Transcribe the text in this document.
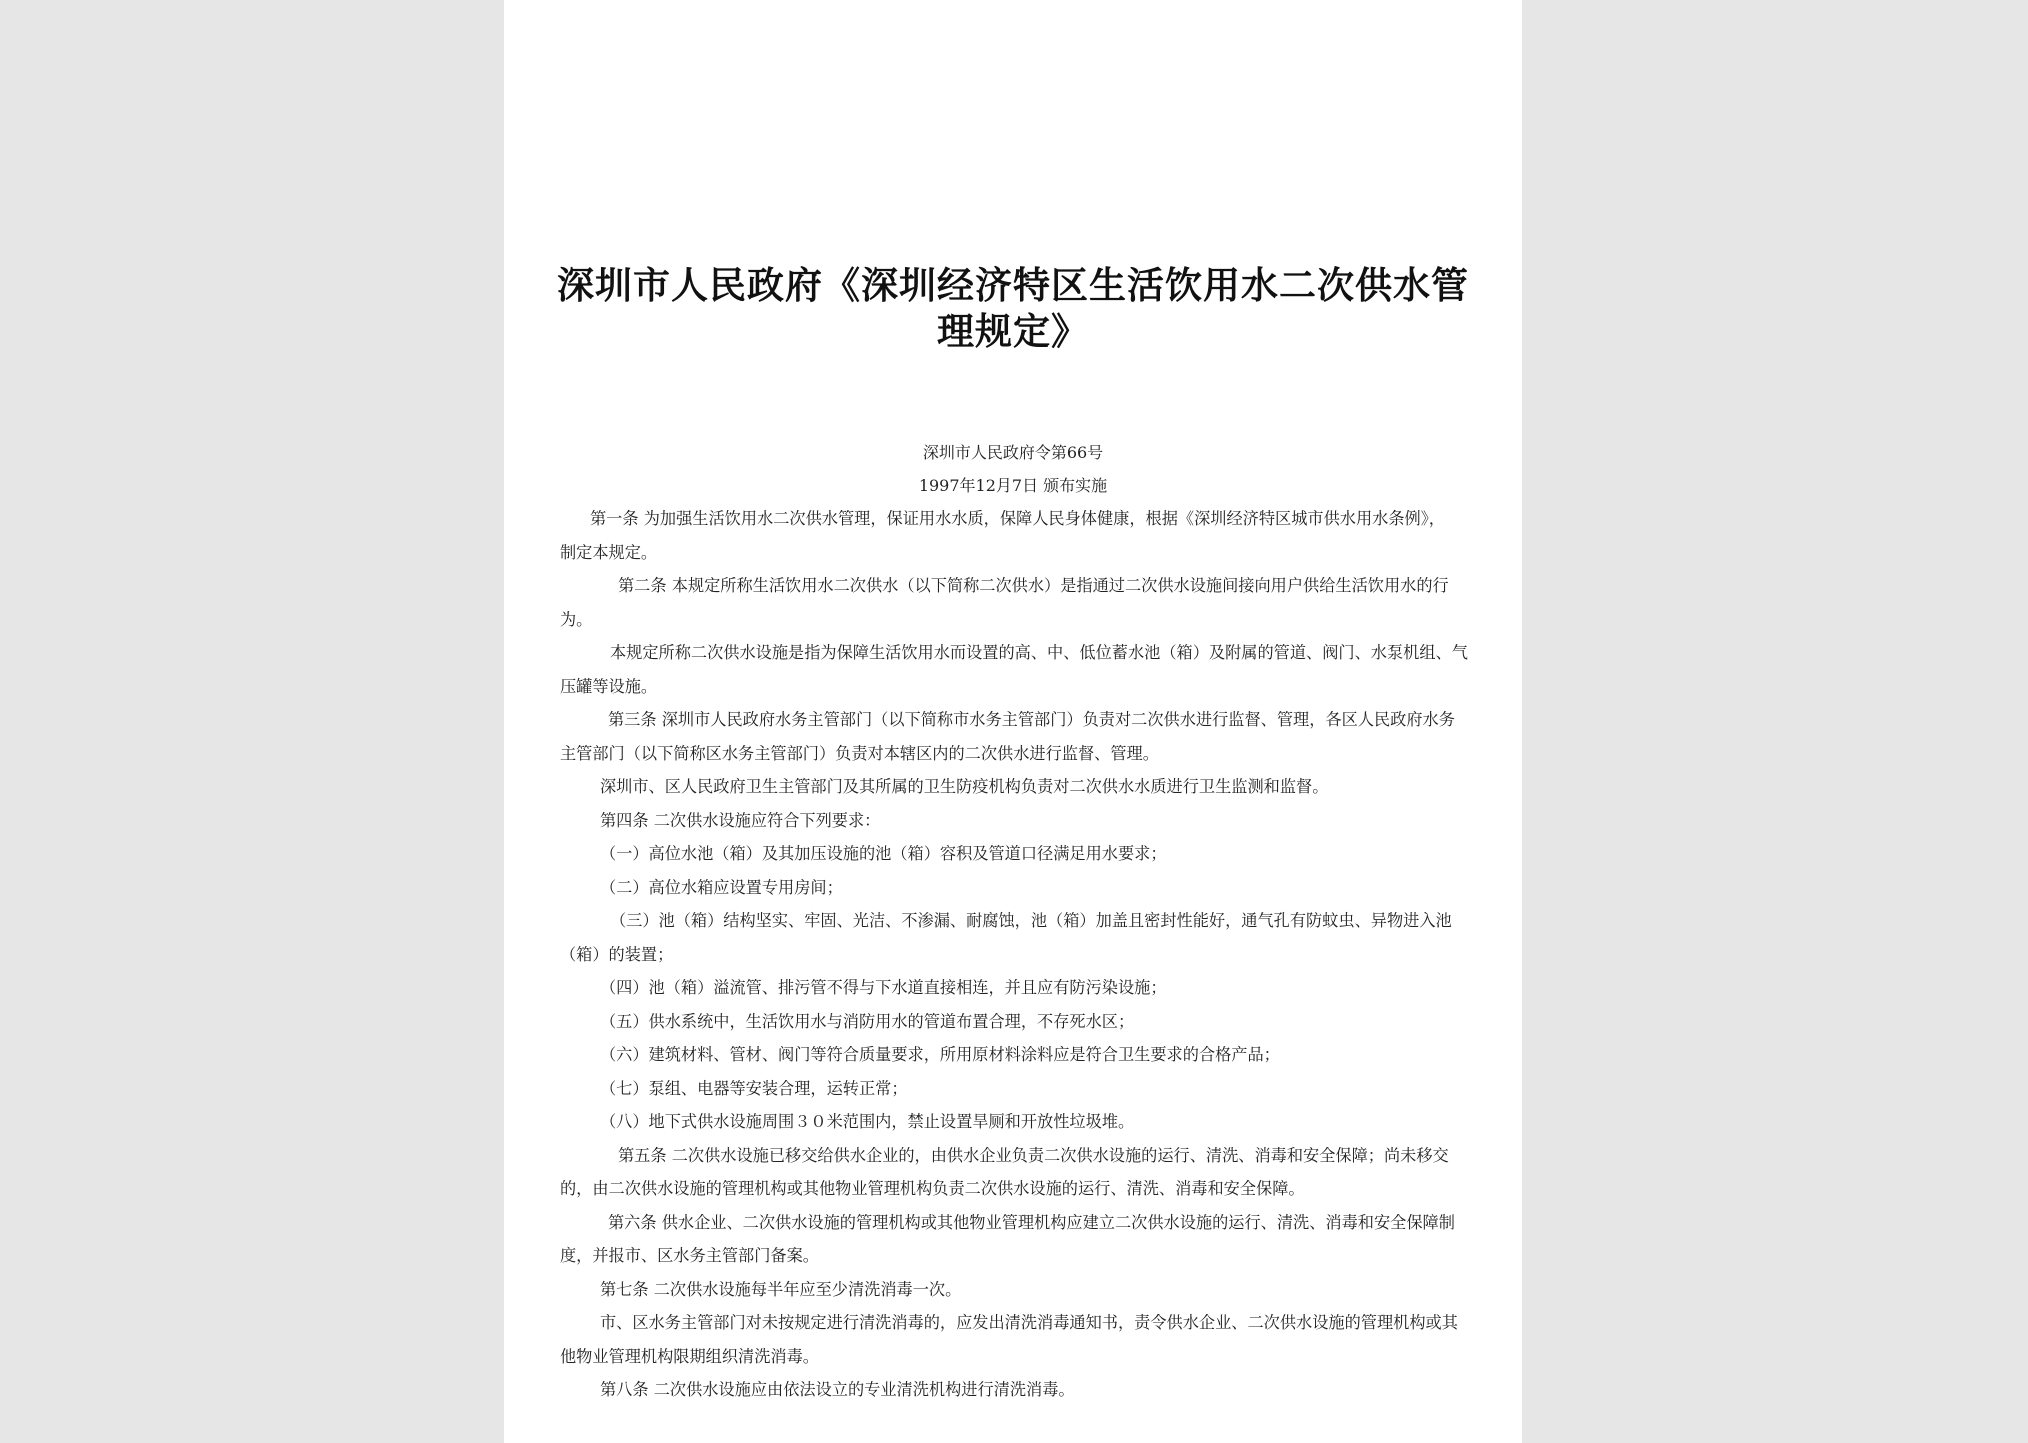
深圳市人民政府《深圳经济特区生活饮用水二次供水管
理规定》
深圳市人民政府令第66号
1997年12月7日 颁布实施
第一条 为加强生活饮用水二次供水管理，保证用水水质，保障人民身体健康，根据《深圳经济特区城市供水用水条例》，
制定本规定。
第二条 本规定所称生活饮用水二次供水（以下简称二次供水）是指通过二次供水设施间接向用户供给生活饮用水的行
为。
本规定所称二次供水设施是指为保障生活饮用水而设置的高、中、低位蓄水池（箱）及附属的管道、阀门、水泵机组、气
压罐等设施。
第三条 深圳市人民政府水务主管部门（以下简称市水务主管部门）负责对二次供水进行监督、管理，各区人民政府水务
主管部门（以下简称区水务主管部门）负责对本辖区内的二次供水进行监督、管理。
深圳市、区人民政府卫生主管部门及其所属的卫生防疫机构负责对二次供水水质进行卫生监测和监督。
第四条 二次供水设施应符合下列要求：
（一）高位水池（箱）及其加压设施的池（箱）容积及管道口径满足用水要求；
（二）高位水箱应设置专用房间；
（三）池（箱）结构坚实、牢固、光洁、不渗漏、耐腐蚀，池（箱）加盖且密封性能好，通气孔有防蚊虫、异物进入池
（箱）的装置；
（四）池（箱）溢流管、排污管不得与下水道直接相连，并且应有防污染设施；
（五）供水系统中，生活饮用水与消防用水的管道布置合理，不存死水区；
（六）建筑材料、管材、阀门等符合质量要求，所用原材料涂料应是符合卫生要求的合格产品；
（七）泵组、电器等安装合理，运转正常；
（八）地下式供水设施周围３０米范围内，禁止设置旱厕和开放性垃圾堆。
第五条 二次供水设施已移交给供水企业的，由供水企业负责二次供水设施的运行、清洗、消毒和安全保障；尚未移交
的，由二次供水设施的管理机构或其他物业管理机构负责二次供水设施的运行、清洗、消毒和安全保障。
第六条 供水企业、二次供水设施的管理机构或其他物业管理机构应建立二次供水设施的运行、清洗、消毒和安全保障制
度，并报市、区水务主管部门备案。
第七条 二次供水设施每半年应至少清洗消毒一次。
市、区水务主管部门对未按规定进行清洗消毒的，应发出清洗消毒通知书，责令供水企业、二次供水设施的管理机构或其
他物业管理机构限期组织清洗消毒。
第八条 二次供水设施应由依法设立的专业清洗机构进行清洗消毒。
